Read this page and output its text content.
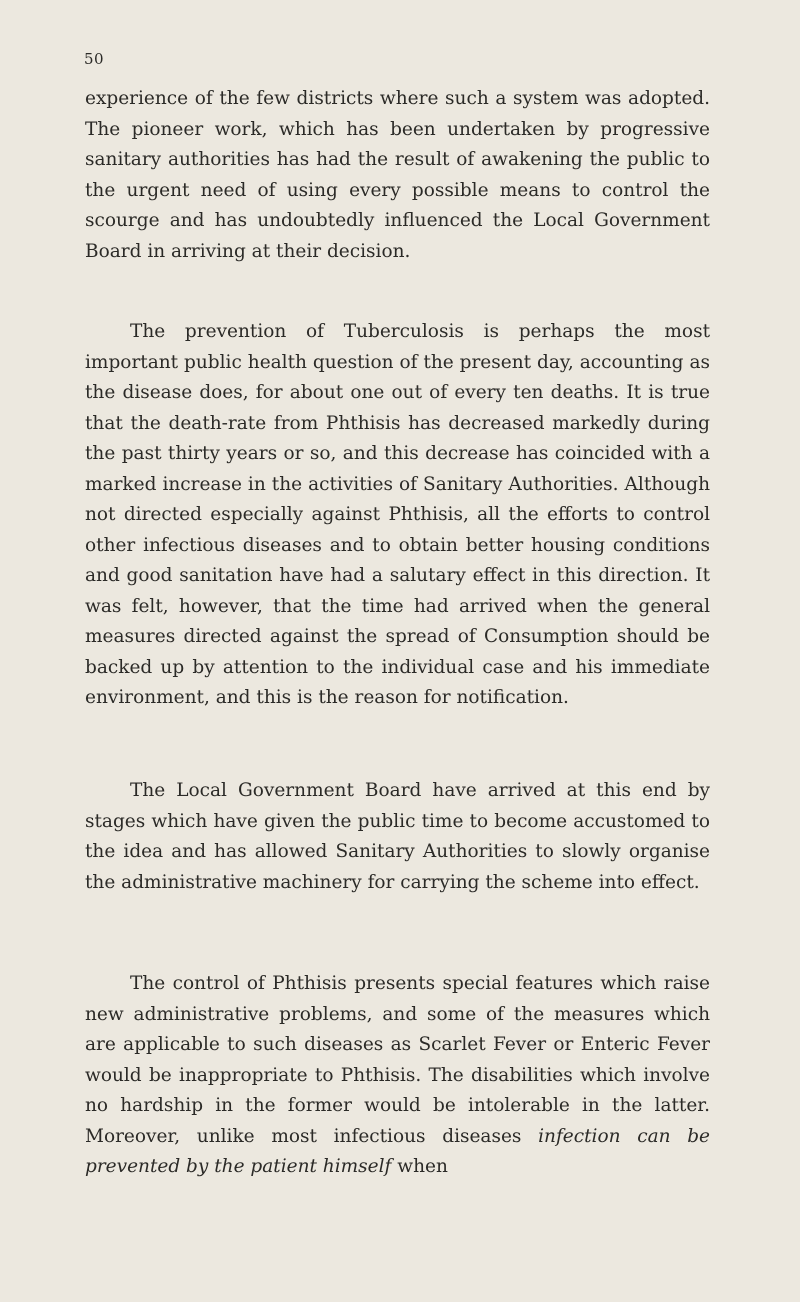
50

experience of the few districts where such a system was adopted. The pioneer work, which has been undertaken by progressive sanitary authorities has had the result of awakening the public to the urgent need of using every possible means to control the scourge and has undoubtedly influenced the Local Government Board in arriving at their decision.

The prevention of Tuberculosis is perhaps the most important public health question of the present day, accounting as the disease does, for about one out of every ten deaths. It is true that the death-rate from Phthisis has decreased markedly during the past thirty years or so, and this decrease has coincided with a marked increase in the activities of Sanitary Authorities. Although not directed especially against Phthisis, all the efforts to control other infectious diseases and to obtain better housing conditions and good sanitation have had a salutary effect in this direction. It was felt, however, that the time had arrived when the general measures directed against the spread of Consumption should be backed up by attention to the individual case and his immediate environment, and this is the reason for notification.

The Local Government Board have arrived at this end by stages which have given the public time to become accustomed to the idea and has allowed Sanitary Authorities to slowly organise the administrative machinery for carrying the scheme into effect.

The control of Phthisis presents special features which raise new administrative problems, and some of the measures which are applicable to such diseases as Scarlet Fever or Enteric Fever would be inappropriate to Phthisis. The disabilities which involve no hardship in the former would be intolerable in the latter. Moreover, unlike most infectious diseases infection can be prevented by the patient himself when
